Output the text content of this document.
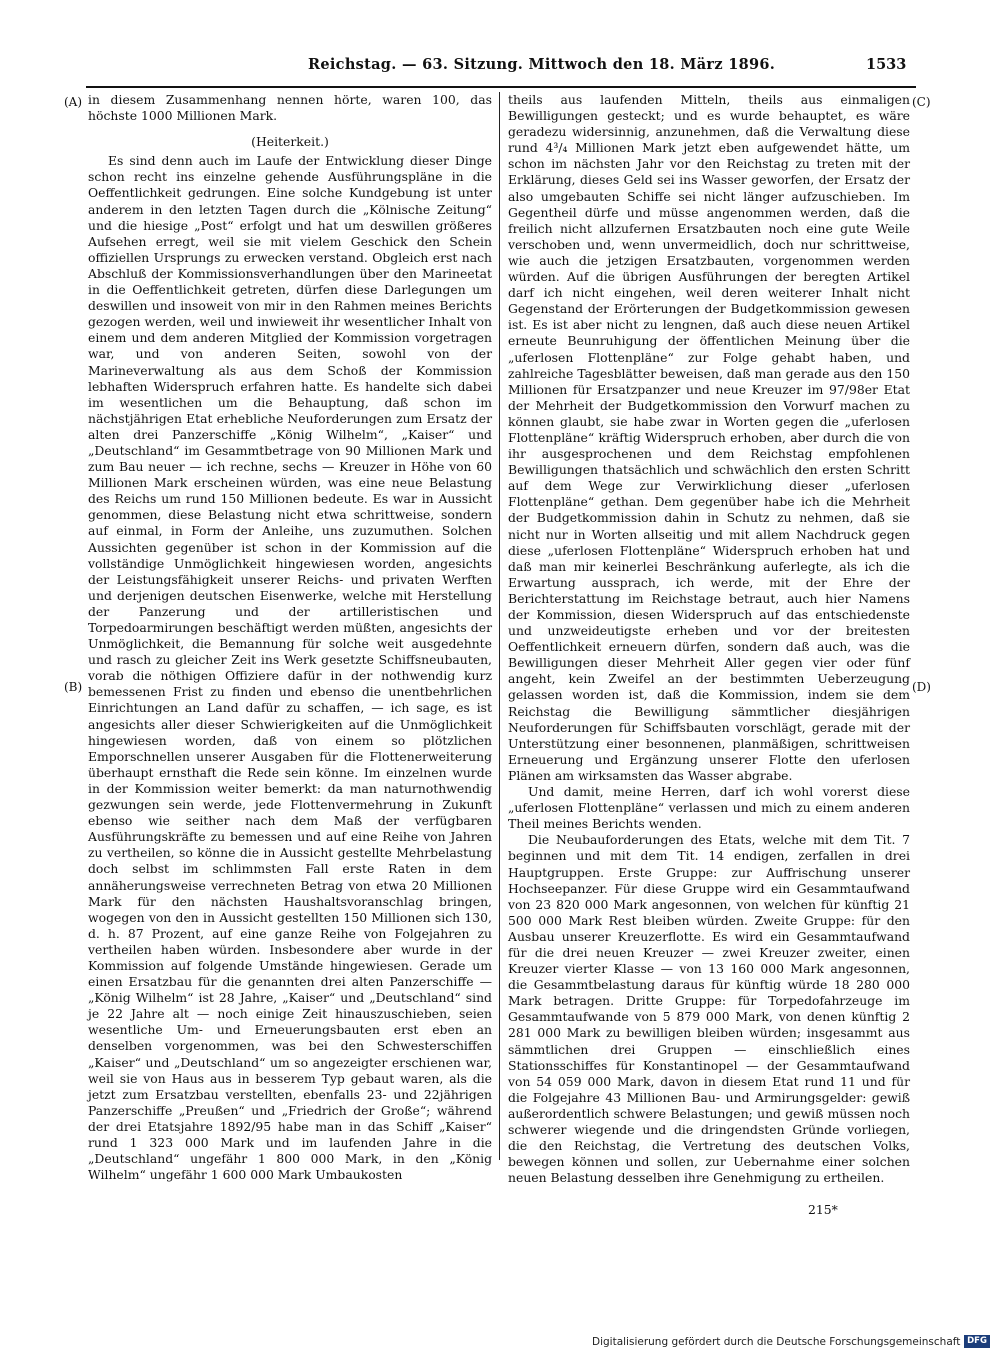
Reichstag. — 63. Sitzung. Mittwoch den 18. März 1896.	1533
(A)
(B)
(C)
(D)

in diesem Zusammenhang nennen hörte, waren 100, das höchste 1000 Millionen Mark.

(Heiterkeit.)

Es sind denn auch im Laufe der Entwicklung dieser Dinge schon recht ins einzelne gehende Ausführungspläne in die Oeffentlichkeit gedrungen. Eine solche Kundgebung ist unter anderem in den letzten Tagen durch die „Kölnische Zeitung“ und die hiesige „Post“ erfolgt und hat um deswillen größeres Aufsehen erregt, weil sie mit vielem Geschick den Schein offiziellen Ursprungs zu erwecken verstand. Obgleich erst nach Abschluß der Kommissionsverhandlungen über den Marineetat in die Oeffentlichkeit getreten, dürfen diese Darlegungen um deswillen und insoweit von mir in den Rahmen meines Berichts gezogen werden, weil und inwieweit ihr wesentlicher Inhalt von einem und dem anderen Mitglied der Kommission vorgetragen war, und von anderen Seiten, sowohl von der Marineverwaltung als aus dem Schoß der Kommission lebhaften Widerspruch erfahren hatte. Es handelte sich dabei im wesentlichen um die Behauptung, daß schon im nächstjährigen Etat erhebliche Neuforderungen zum Ersatz der alten drei Panzerschiffe „König Wilhelm“, „Kaiser“ und „Deutschland“ im Gesammtbetrage von 90 Millionen Mark und zum Bau neuer — ich rechne, sechs — Kreuzer in Höhe von 60 Millionen Mark erscheinen würden, was eine neue Belastung des Reichs um rund 150 Millionen bedeute. Es war in Aussicht genommen, diese Belastung nicht etwa schrittweise, sondern auf einmal, in Form der Anleihe, uns zuzumuthen. Solchen Aussichten gegenüber ist schon in der Kommission auf die vollständige Unmöglichkeit hingewiesen worden, angesichts der Leistungsfähigkeit unserer Reichs- und privaten Werften und derjenigen deutschen Eisenwerke, welche mit Herstellung der Panzerung und der artilleristischen und Torpedoarmirungen beschäftigt werden müßten, angesichts der Unmöglichkeit, die Bemannung für solche weit ausgedehnte und rasch zu gleicher Zeit ins Werk gesetzte Schiffsneubauten, vorab die nöthigen Offiziere dafür in der nothwendig kurz bemessenen Frist zu finden und ebenso die unentbehrlichen Einrichtungen an Land dafür zu schaffen, — ich sage, es ist angesichts aller dieser Schwierigkeiten auf die Unmöglichkeit hingewiesen worden, daß von einem so plötzlichen Emporschnellen unserer Ausgaben für die Flottenerweiterung überhaupt ernsthaft die Rede sein könne. Im einzelnen wurde in der Kommission weiter bemerkt: da man naturnothwendig gezwungen sein werde, jede Flottenvermehrung in Zukunft ebenso wie seither nach dem Maß der verfügbaren Ausführungskräfte zu bemessen und auf eine Reihe von Jahren zu vertheilen, so könne die in Aussicht gestellte Mehrbelastung doch selbst im schlimmsten Fall erste Raten in dem annäherungsweise verrechneten Betrag von etwa 20 Millionen Mark für den nächsten Haushaltsvoranschlag bringen, wogegen von den in Aussicht gestellten 150 Millionen sich 130, d. h. 87 Prozent, auf eine ganze Reihe von Folgejahren zu vertheilen haben würden. Insbesondere aber wurde in der Kommission auf folgende Umstände hingewiesen. Gerade um einen Ersatzbau für die genannten drei alten Panzerschiffe — „König Wilhelm“ ist 28 Jahre, „Kaiser“ und „Deutschland“ sind je 22 Jahre alt — noch einige Zeit hinauszuschieben, seien wesentliche Um- und Erneuerungsbauten erst eben an denselben vorgenommen, was bei den Schwesterschiffen „Kaiser“ und „Deutschland“ um so angezeigter erschienen war, weil sie von Haus aus in besserem Typ gebaut waren, als die jetzt zum Ersatzbau verstellten, ebenfalls 23- und 22jährigen Panzerschiffe „Preußen“ und „Friedrich der Große“; während der drei Etatsjahre 1892/95 habe man in das Schiff „Kaiser“ rund 1 323 000 Mark und im laufenden Jahre in die „Deutschland“ ungefähr 1 800 000 Mark, in den „König Wilhelm“ ungefähr 1 600 000 Mark Umbaukosten

theils aus laufenden Mitteln, theils aus einmaligen Bewilligungen gesteckt; und es wurde behauptet, es wäre geradezu widersinnig, anzunehmen, daß die Verwaltung diese rund 4³/₄ Millionen Mark jetzt eben aufgewendet hätte, um schon im nächsten Jahr vor den Reichstag zu treten mit der Erklärung, dieses Geld sei ins Wasser geworfen, der Ersatz der also umgebauten Schiffe sei nicht länger aufzuschieben. Im Gegentheil dürfe und müsse angenommen werden, daß die freilich nicht allzufernen Ersatzbauten noch eine gute Weile verschoben und, wenn unvermeidlich, doch nur schrittweise, wie auch die jetzigen Ersatzbauten, vorgenommen werden würden. Auf die übrigen Ausführungen der beregten Artikel darf ich nicht eingehen, weil deren weiterer Inhalt nicht Gegenstand der Erörterungen der Budgetkommission gewesen ist. Es ist aber nicht zu lengnen, daß auch diese neuen Artikel erneute Beunruhigung der öffentlichen Meinung über die „uferlosen Flottenpläne“ zur Folge gehabt haben, und zahlreiche Tagesblätter beweisen, daß man gerade aus den 150 Millionen für Ersatzpanzer und neue Kreuzer im 97/98er Etat der Mehrheit der Budgetkommission den Vorwurf machen zu können glaubt, sie habe zwar in Worten gegen die „uferlosen Flottenpläne“ kräftig Widerspruch erhoben, aber durch die von ihr ausgesprochenen und dem Reichstag empfohlenen Bewilligungen thatsächlich und schwächlich den ersten Schritt auf dem Wege zur Verwirklichung dieser „uferlosen Flottenpläne“ gethan. Dem gegenüber habe ich die Mehrheit der Budgetkommission dahin in Schutz zu nehmen, daß sie nicht nur in Worten allseitig und mit allem Nachdruck gegen diese „uferlosen Flottenpläne“ Widerspruch erhoben hat und daß man mir keinerlei Beschränkung auferlegte, als ich die Erwartung aussprach, ich werde, mit der Ehre der Berichterstattung im Reichstage betraut, auch hier Namens der Kommission, diesen Widerspruch auf das entschiedenste und unzweideutigste erheben und vor der breitesten Oeffentlichkeit erneuern dürfen, sondern daß auch, was die Bewilligungen dieser Mehrheit Aller gegen vier oder fünf angeht, kein Zweifel an der bestimmten Ueberzeugung gelassen worden ist, daß die Kommission, indem sie dem Reichstag die Bewilligung sämmtlicher diesjährigen Neuforderungen für Schiffsbauten vorschlägt, gerade mit der Unterstützung einer besonnenen, planmäßigen, schrittweisen Erneuerung und Ergänzung unserer Flotte den uferlosen Plänen am wirksamsten das Wasser abgrabe.

Und damit, meine Herren, darf ich wohl vorerst diese „uferlosen Flottenpläne“ verlassen und mich zu einem anderen Theil meines Berichts wenden.

Die Neubauforderungen des Etats, welche mit dem Tit. 7 beginnen und mit dem Tit. 14 endigen, zerfallen in drei Hauptgruppen. Erste Gruppe: zur Auffrischung unserer Hochseepanzer. Für diese Gruppe wird ein Gesammtaufwand von 23 820 000 Mark angesonnen, von welchen für künftig 21 500 000 Mark Rest bleiben würden. Zweite Gruppe: für den Ausbau unserer Kreuzerflotte. Es wird ein Gesammtaufwand für die drei neuen Kreuzer — zwei Kreuzer zweiter, einen Kreuzer vierter Klasse — von 13 160 000 Mark angesonnen, die Gesammtbelastung daraus für künftig würde 18 280 000 Mark betragen. Dritte Gruppe: für Torpedofahrzeuge im Gesammtaufwande von 5 879 000 Mark, von denen künftig 2 281 000 Mark zu bewilligen bleiben würden; insgesammt aus sämmtlichen drei Gruppen — einschließlich eines Stationsschiffes für Konstantinopel — der Gesammtaufwand von 54 059 000 Mark, davon in diesem Etat rund 11 und für die Folgejahre 43 Millionen Bau- und Armirungsgelder: gewiß außerordentlich schwere Belastungen; und gewiß müssen noch schwerer wiegende und die dringendsten Gründe vorliegen, die den Reichstag, die Vertretung des deutschen Volks, bewegen können und sollen, zur Uebernahme einer solchen neuen Belastung desselben ihre Genehmigung zu ertheilen.

215*
Digitalisierung gefördert durch die Deutsche Forschungsgemeinschaft DFG
